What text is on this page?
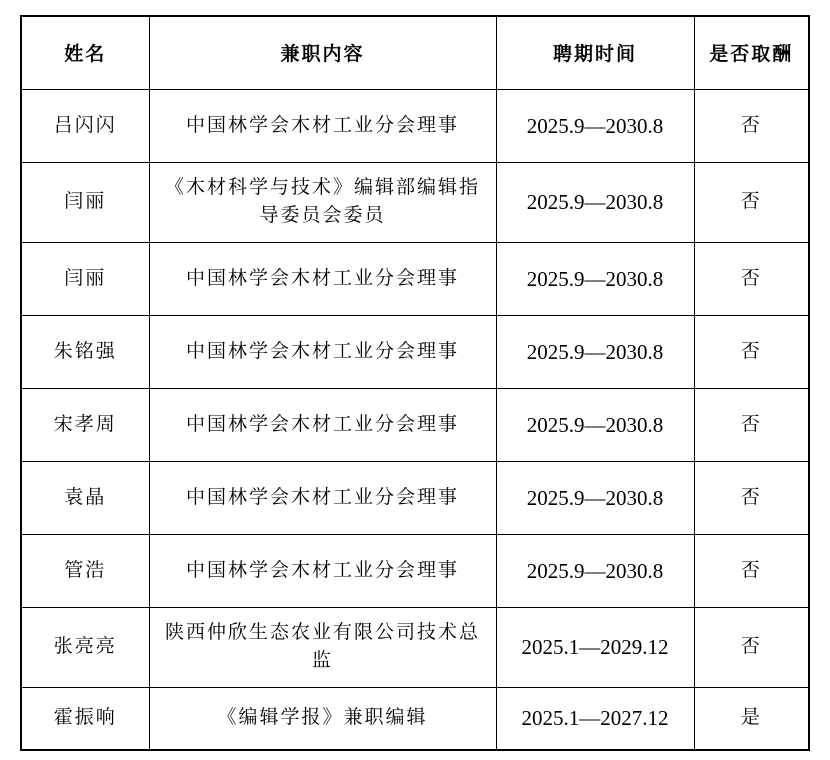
姓名	兼职内容	聘期时间	是否取酬
吕闪闪	中国林学会木材工业分会理事	2025.9—2030.8	否
闫丽	《木材科学与技术》编辑部编辑指导委员会委员	2025.9—2030.8	否
闫丽	中国林学会木材工业分会理事	2025.9—2030.8	否
朱铭强	中国林学会木材工业分会理事	2025.9—2030.8	否
宋孝周	中国林学会木材工业分会理事	2025.9—2030.8	否
袁晶	中国林学会木材工业分会理事	2025.9—2030.8	否
管浩	中国林学会木材工业分会理事	2025.9—2030.8	否
张亮亮	陕西仲欣生态农业有限公司技术总监	2025.1—2029.12	否
霍振响	《编辑学报》兼职编辑	2025.1—2027.12	是
